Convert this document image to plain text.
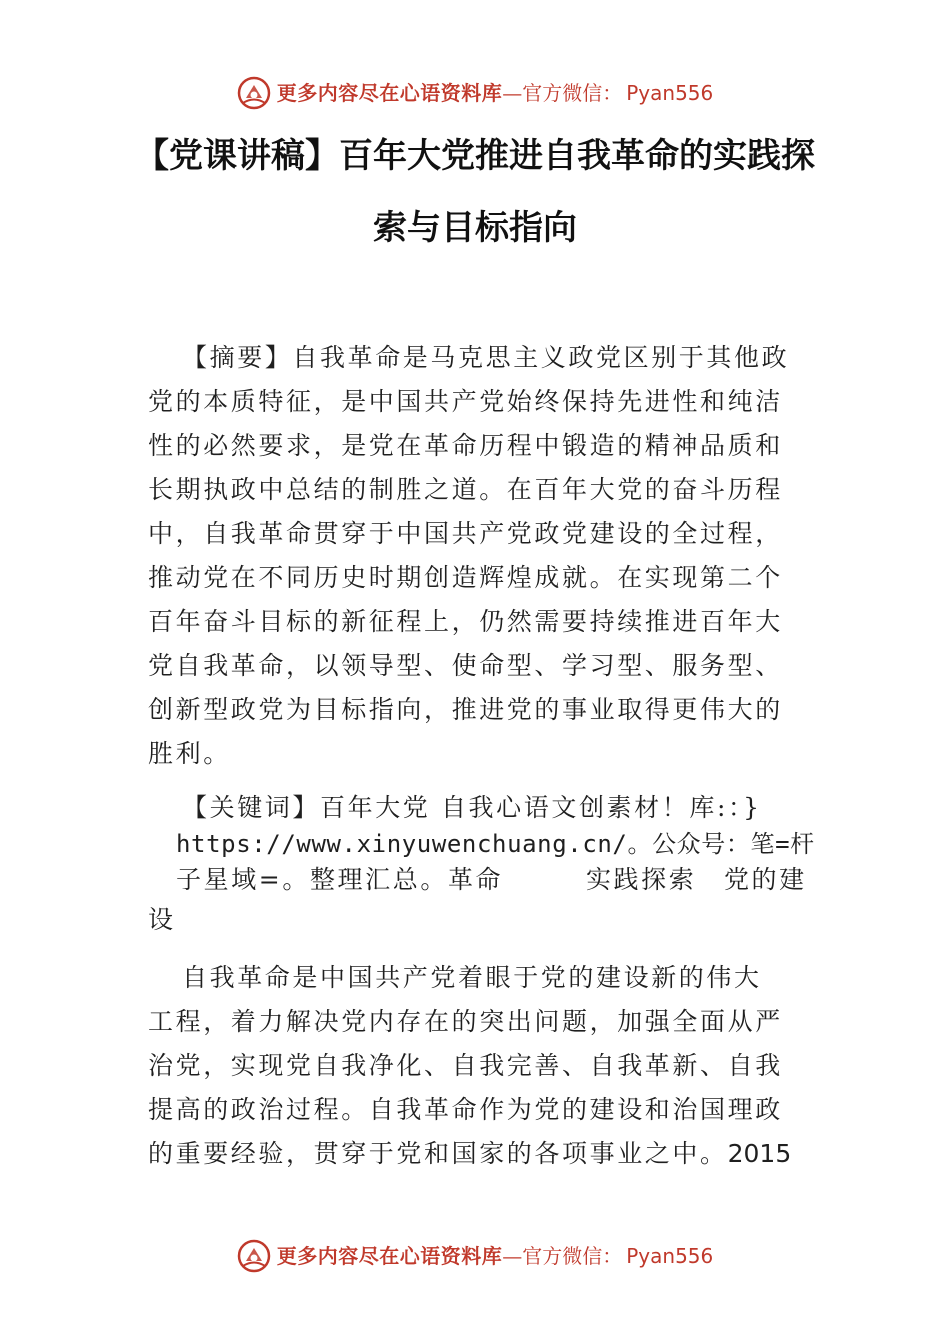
更多内容尽在心语资料库 —官方微信： Pyan556
【党课讲稿】百年大党推进自我革命的实践探
索与目标指向
【摘要】自我革命是马克思主义政党区别于其他政
党的本质特征，是中国共产党始终保持先进性和纯洁
性的必然要求，是党在革命历程中锻造的精神品质和
长期执政中总结的制胜之道。在百年大党的奋斗历程
中，自我革命贯穿于中国共产党政党建设的全过程，
推动党在不同历史时期创造辉煌成就。在实现第二个
百年奋斗目标的新征程上，仍然需要持续推进百年大
党自我革命，以领导型、使命型、学习型、服务型、
创新型政党为目标指向，推进党的事业取得更伟大的
胜利。
【关键词】百年大党 自我心语文创素材！库:：}
https://www.xinyuwenchuang.cn/。公众号：笔=杆
子星域=。整理汇总。革命　　　实践探索　党的建
设
自我革命是中国共产党着眼于党的建设新的伟大
工程，着力解决党内存在的突出问题，加强全面从严
治党，实现党自我净化、自我完善、自我革新、自我
提高的政治过程。自我革命作为党的建设和治国理政
的重要经验，贯穿于党和国家的各项事业之中。2015
更多内容尽在心语资料库 —官方微信： Pyan556
